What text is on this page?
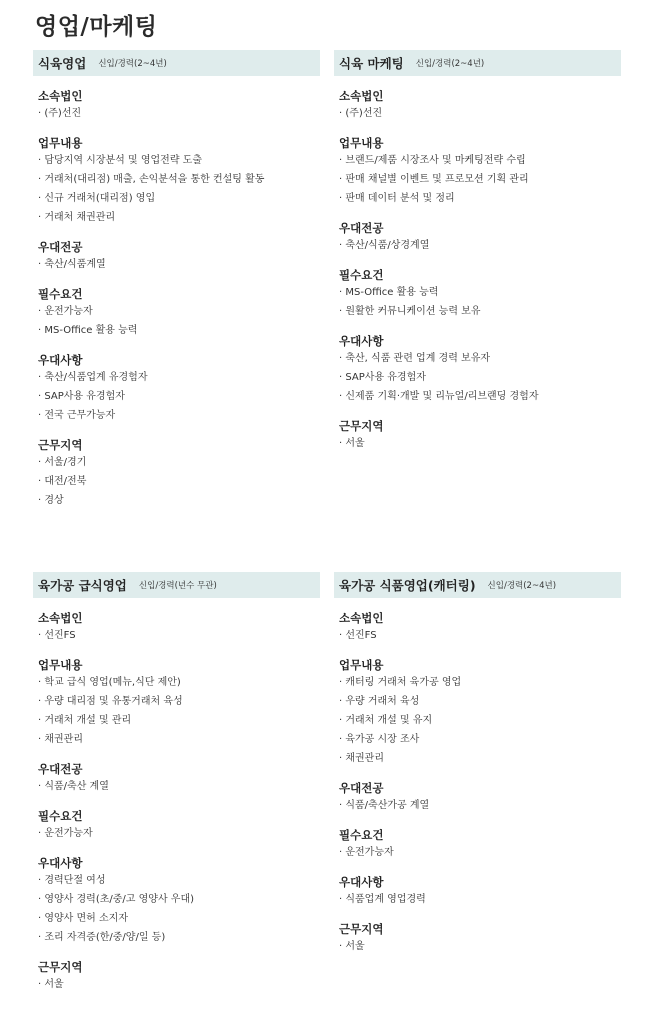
영업/마케팅
식육영업 신입/경력(2~4년)
소속법인
· (주)선진
업무내용
· 담당지역 시장분석 및 영업전략 도출
· 거래처(대리점) 매출, 손익분석을 통한 컨설팅 활동
· 신규 거래처(대리점) 영입
· 거래처 채권관리
우대전공
· 축산/식품계열
필수요건
· 운전가능자
· MS-Office 활용 능력
우대사항
· 축산/식품업계 유경험자
· SAP사용 유경험자
· 전국 근무가능자
근무지역
· 서울/경기
· 대전/전북
· 경상
식육 마케팅 신입/경력(2~4년)
소속법인
· (주)선진
업무내용
· 브랜드/제품 시장조사 및 마케팅전략 수립
· 판매 채널별 이벤트 및 프로모션 기획 관리
· 판매 데이터 분석 및 정리
우대전공
· 축산/식품/상경계열
필수요건
· MS-Office 활용 능력
· 원활한 커뮤니케이션 능력 보유
우대사항
· 축산, 식품 관련 업계 경력 보유자
· SAP사용 유경험자
· 신제품 기획·개발 및 리뉴얼/리브랜딩 경험자
근무지역
· 서울
육가공 급식영업 신입/경력(년수 무관)
소속법인
· 선진FS
업무내용
· 학교 급식 영업(메뉴,식단 제안)
· 우량 대리점 및 유통거래처 육성
· 거래처 개설 및 관리
· 채권관리
우대전공
· 식품/축산 계열
필수요건
· 운전가능자
우대사항
· 경력단절 여성
· 영양사 경력(초/중/고 영양사 우대)
· 영양사 면허 소지자
· 조리 자격증(한/중/양/일 등)
근무지역
· 서울
육가공 식품영업(캐터링) 신입/경력(2~4년)
소속법인
· 선진FS
업무내용
· 캐터링 거래처 육가공 영업
· 우량 거래처 육성
· 거래처 개설 및 유지
· 육가공 시장 조사
· 채권관리
우대전공
· 식품/축산가공 계열
필수요건
· 운전가능자
우대사항
· 식품업계 영업경력
근무지역
· 서울
